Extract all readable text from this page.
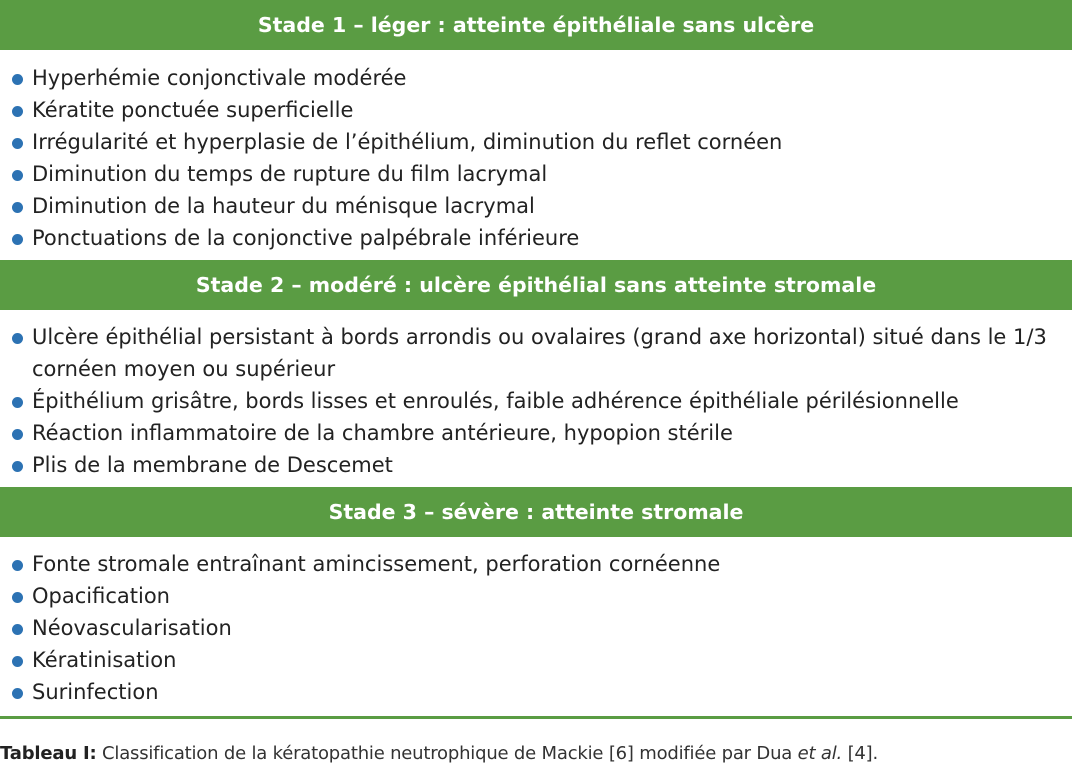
Stade 1 – léger : atteinte épithéliale sans ulcère
Hyperhémie conjonctivale modérée
Kératite ponctuée superficielle
Irrégularité et hyperplasie de l’épithélium, diminution du reflet cornéen
Diminution du temps de rupture du film lacrymal
Diminution de la hauteur du ménisque lacrymal
Ponctuations de la conjonctive palpébrale inférieure
Stade 2 – modéré : ulcère épithélial sans atteinte stromale
Ulcère épithélial persistant à bords arrondis ou ovalaires (grand axe horizontal) situé dans le 1/3 cornéen moyen ou supérieur
Épithélium grisâtre, bords lisses et enroulés, faible adhérence épithéliale périlésionnelle
Réaction inflammatoire de la chambre antérieure, hypopion stérile
Plis de la membrane de Descemet
Stade 3 – sévère : atteinte stromale
Fonte stromale entraînant amincissement, perforation cornéenne
Opacification
Néovascularisation
Kératinisation
Surinfection
Tableau I: Classification de la kératopathie neutrophique de Mackie [6] modifiée par Dua et al. [4].
